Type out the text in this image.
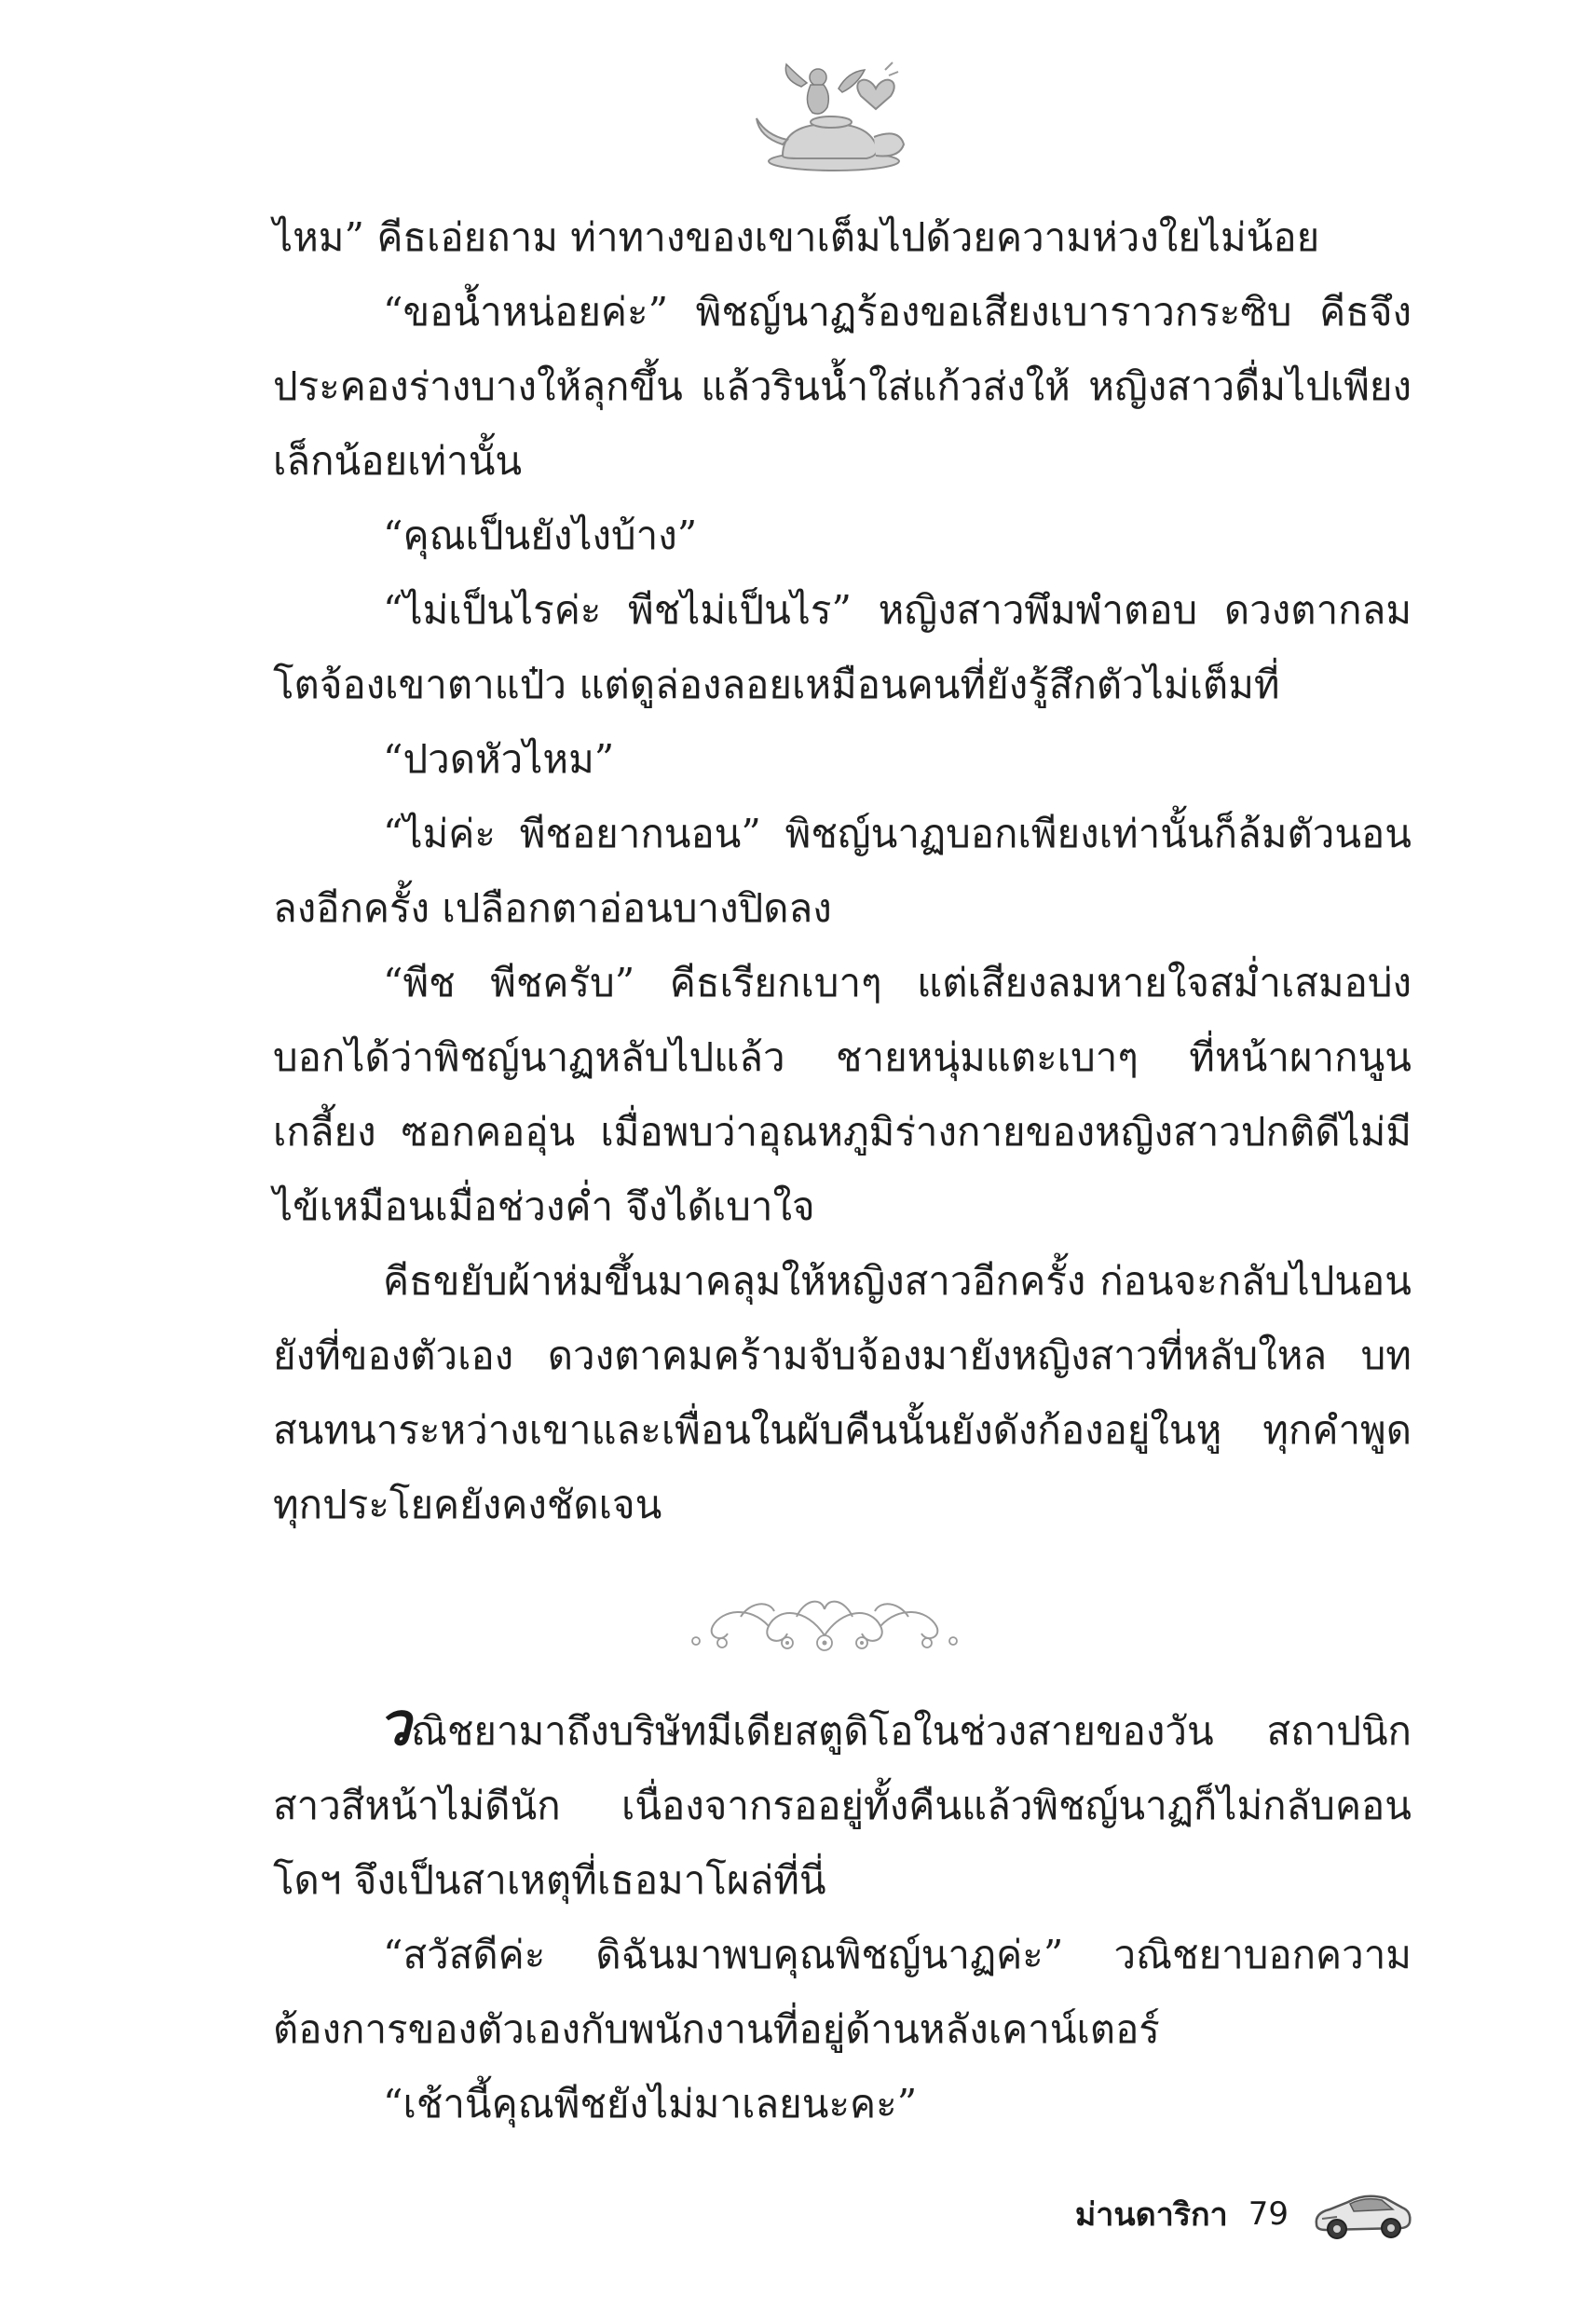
ไหม” คีธเอ่ยถาม ท่าทางของเขาเต็มไปด้วยความห่วงใยไม่น้อย

“ขอน้ำหน่อยค่ะ” พิชญ์นาฏร้องขอเสียงเบาราวกระซิบ คีธจึงประคองร่างบางให้ลุกขึ้น แล้วรินน้ำใส่แก้วส่งให้ หญิงสาวดื่มไปเพียงเล็กน้อยเท่านั้น

“คุณเป็นยังไงบ้าง”

“ไม่เป็นไรค่ะ พีชไม่เป็นไร” หญิงสาวพึมพำตอบ ดวงตากลมโตจ้องเขาตาแป๋ว แต่ดูล่องลอยเหมือนคนที่ยังรู้สึกตัวไม่เต็มที่

“ปวดหัวไหม”

“ไม่ค่ะ พีชอยากนอน” พิชญ์นาฏบอกเพียงเท่านั้นก็ล้มตัวนอนลงอีกครั้ง เปลือกตาอ่อนบางปิดลง

“พีช พีชครับ” คีธเรียกเบาๆ แต่เสียงลมหายใจสม่ำเสมอบ่งบอกได้ว่าพิชญ์นาฏหลับไปแล้ว ชายหนุ่มแตะเบาๆ ที่หน้าผากนูนเกลี้ยง ซอกคออุ่น เมื่อพบว่าอุณหภูมิร่างกายของหญิงสาวปกติดีไม่มีไข้เหมือนเมื่อช่วงค่ำ จึงได้เบาใจ

คีธขยับผ้าห่มขึ้นมาคลุมให้หญิงสาวอีกครั้ง ก่อนจะกลับไปนอนยังที่ของตัวเอง ดวงตาคมคร้ามจับจ้องมายังหญิงสาวที่หลับใหล บทสนทนาระหว่างเขาและเพื่อนในผับคืนนั้นยังดังก้องอยู่ในหู ทุกคำพูดทุกประโยคยังคงชัดเจน

วณิชยามาถึงบริษัทมีเดียสตูดิโอในช่วงสายของวัน สถาปนิกสาวสีหน้าไม่ดีนัก เนื่องจากรออยู่ทั้งคืนแล้วพิชญ์นาฏก็ไม่กลับคอนโดฯ จึงเป็นสาเหตุที่เธอมาโผล่ที่นี่

“สวัสดีค่ะ ดิฉันมาพบคุณพิชญ์นาฏค่ะ” วณิชยาบอกความต้องการของตัวเองกับพนักงานที่อยู่ด้านหลังเคาน์เตอร์

“เช้านี้คุณพีชยังไม่มาเลยนะคะ”

ม่านดาริกา 79
